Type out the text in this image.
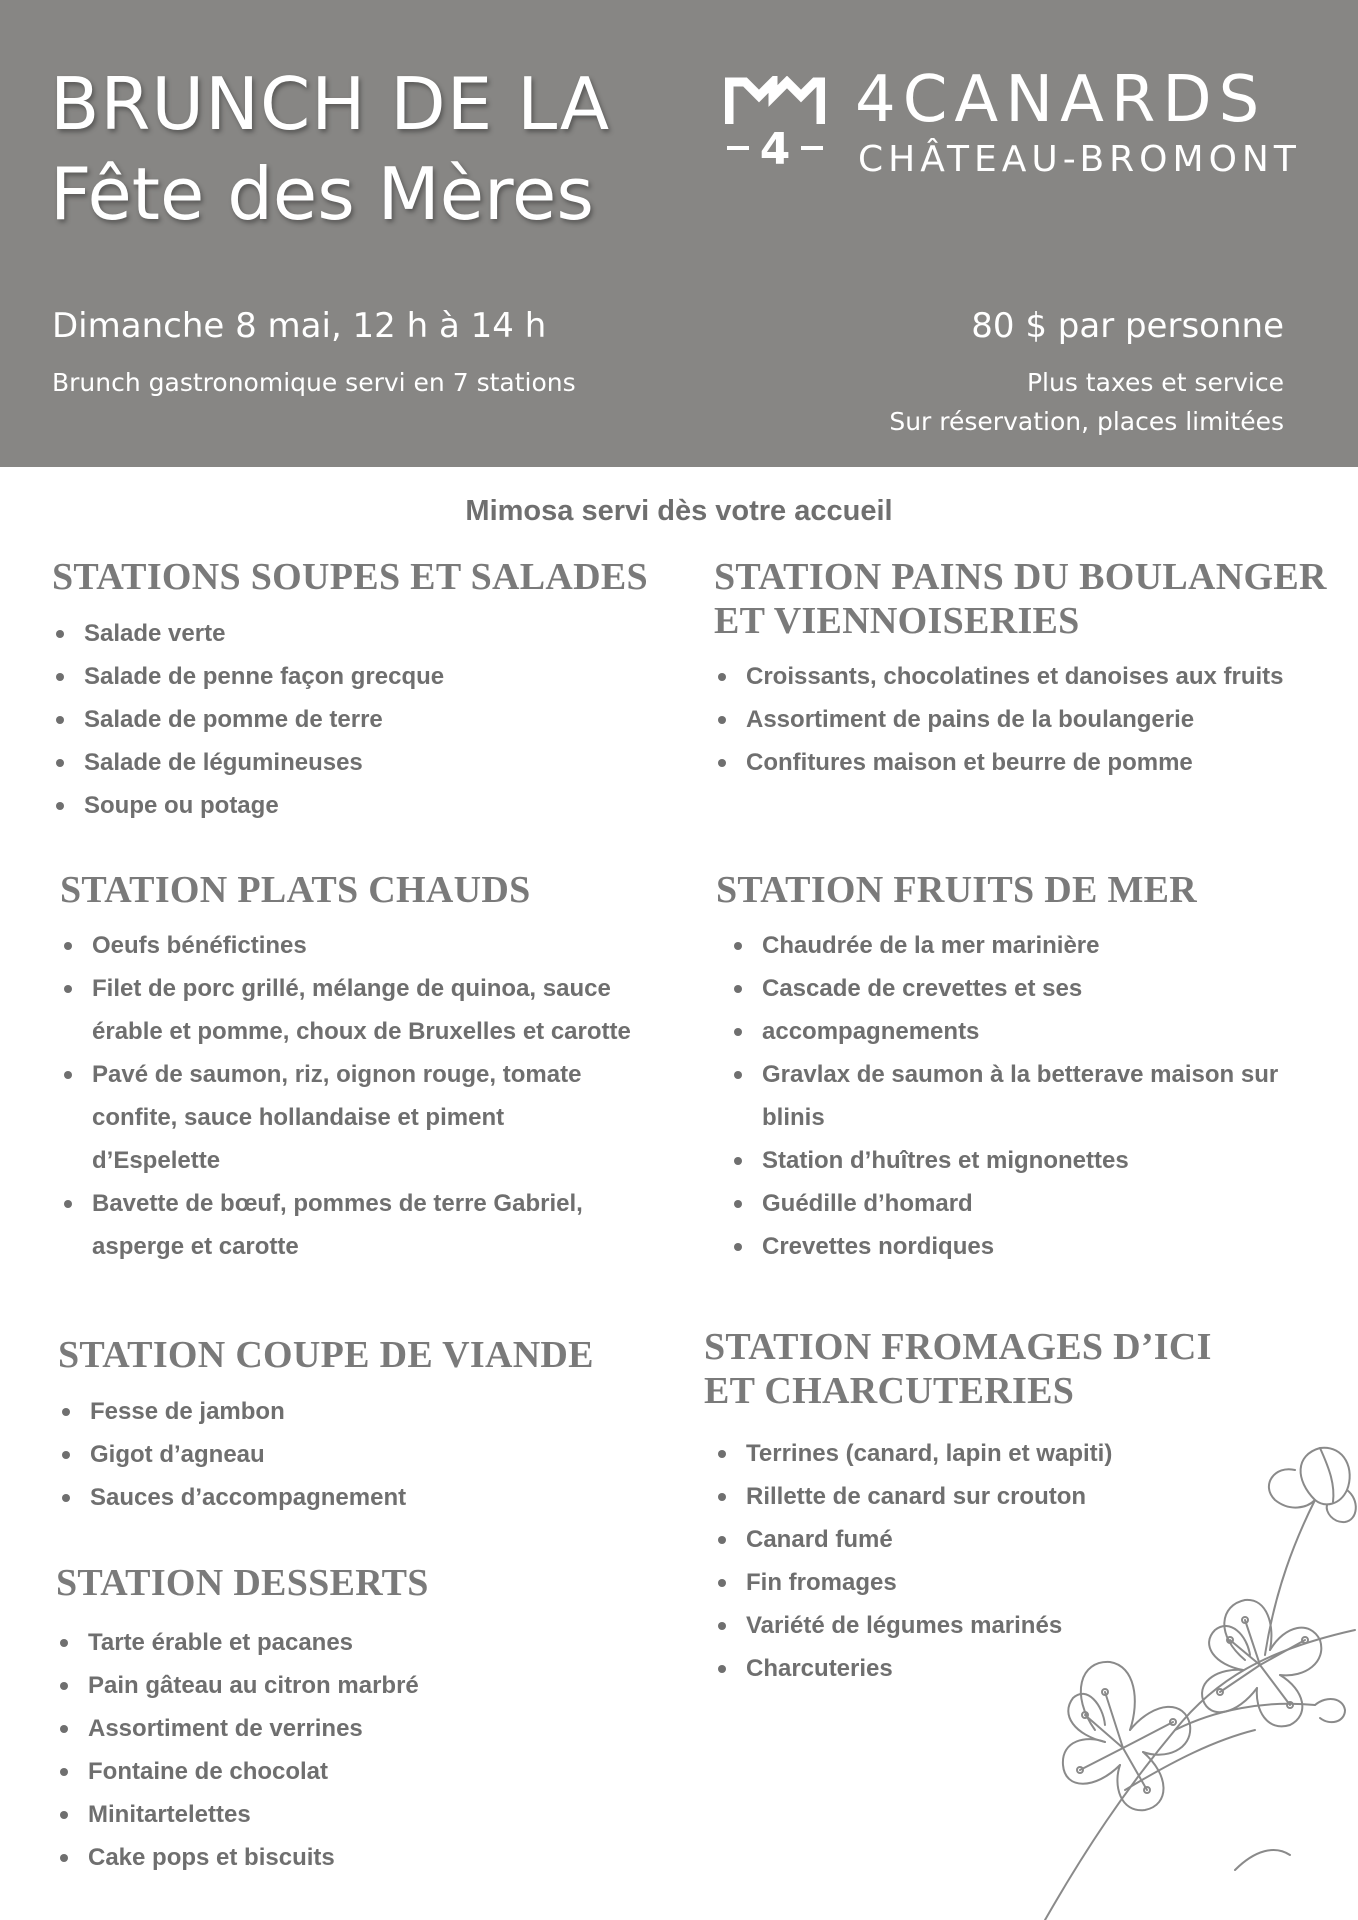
BRUNCH DE LA
Fête des Mères
4
4CANARDS
CHÂTEAU-BROMONT
Dimanche 8 mai, 12 h à 14 h
Brunch gastronomique servi en 7 stations
80 $ par personne
Plus taxes et service
Sur réservation, places limitées
Mimosa servi dès votre accueil
STATIONS SOUPES ET SALADES
Salade verte
Salade de penne façon grecque
Salade de pomme de terre
Salade de légumineuses
Soupe ou potage
STATION PAINS DU BOULANGER
ET VIENNOISERIES
Croissants, chocolatines et danoises aux fruits
Assortiment de pains de la boulangerie
Confitures maison et beurre de pomme
STATION PLATS CHAUDS
Oeufs bénéfictines
Filet de porc grillé, mélange de quinoa, sauce érable et pomme, choux de Bruxelles et carotte
Pavé de saumon, riz, oignon rouge, tomate confite, sauce hollandaise et piment d’Espelette
Bavette de bœuf, pommes de terre Gabriel, asperge et carotte
STATION FRUITS DE MER
Chaudrée de la mer marinière
Cascade de crevettes et ses
accompagnements
Gravlax de saumon à la betterave maison sur blinis
Station d’huîtres et mignonettes
Guédille d’homard
Crevettes nordiques
STATION COUPE DE VIANDE
Fesse de jambon
Gigot d’agneau
Sauces d’accompagnement
STATION FROMAGES D’ICI
ET CHARCUTERIES
Terrines (canard, lapin et wapiti)
Rillette de canard sur crouton
Canard fumé
Fin fromages
Variété de légumes marinés
Charcuteries
STATION DESSERTS
Tarte érable et pacanes
Pain gâteau au citron marbré
Assortiment de verrines
Fontaine de chocolat
Minitartelettes
Cake pops et biscuits
